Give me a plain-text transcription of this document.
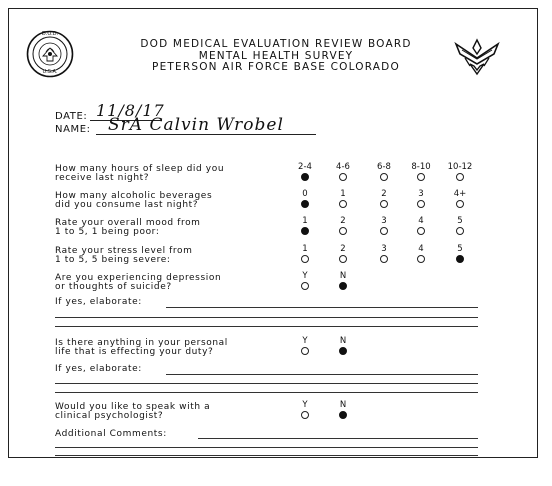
D.O.D.
U.S.A.
DOD MEDICAL EVALUATION REVIEW BOARD
MENTAL HEALTH SURVEY
PETERSON AIR FORCE BASE COLORADO
DATE: 11/8/17
NAME: SrA Calvin Wrobel
How many hours of sleep did you
receive last night?
2-4	4-6	6-8	8-10	10-12
How many alcoholic beverages
did you consume last night?
0	1	2	3	4+
Rate your overall mood from
1 to 5, 1 being poor:
1	2	3	4	5
Rate your stress level from
1 to 5, 5 being severe:
1	2	3	4	5
Are you experiencing depression
or thoughts of suicide?
Y	N
Is there anything in your personal
life that is effecting your duty?
Y	N
Would you like to speak with a
clinical psychologist?
Y	N
If yes, elaborate:
If yes, elaborate:
Additional Comments:
